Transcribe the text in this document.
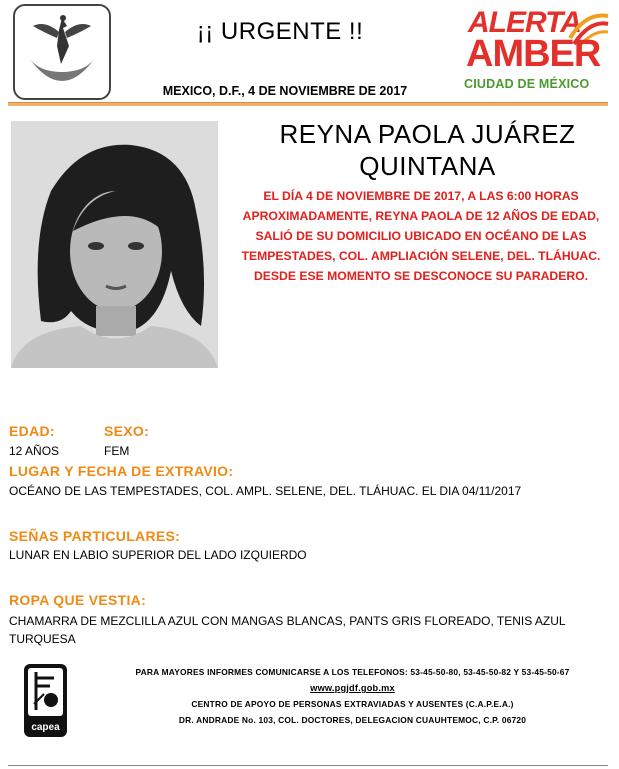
¡¡ URGENTE !!
MEXICO, D.F., 4 DE NOVIEMBRE DE 2017
ALERTA
AMBER
CIUDAD DE MÉXICO
REYNA PAOLA JUÁREZ QUINTANA
EL DÍA 4 DE NOVIEMBRE DE 2017, A LAS 6:00 HORAS APROXIMADAMENTE, REYNA PAOLA DE 12 AÑOS DE EDAD, SALIÓ DE SU DOMICILIO UBICADO EN OCÉANO DE LAS TEMPESTADES, COL. AMPLIACIÓN SELENE, DEL. TLÁHUAC. DESDE ESE MOMENTO SE DESCONOCE SU PARADERO.
EDAD:	SEXO:
12 AÑOS	FEM
LUGAR Y FECHA DE EXTRAVIO:
OCÉANO DE LAS TEMPESTADES, COL. AMPL. SELENE, DEL. TLÁHUAC. EL DIA 04/11/2017
SEÑAS PARTICULARES:
LUNAR EN LABIO SUPERIOR DEL LADO IZQUIERDO
ROPA QUE VESTIA:
CHAMARRA DE MEZCLILLA AZUL CON MANGAS BLANCAS, PANTS GRIS FLOREADO, TENIS AZUL TURQUESA
capea
PARA MAYORES INFORMES COMUNICARSE A LOS TELEFONOS: 53-45-50-80, 53-45-50-82 Y 53-45-50-67
www.pgjdf.gob.mx
CENTRO DE APOYO DE PERSONAS EXTRAVIADAS Y AUSENTES (C.A.P.E.A.)
DR. ANDRADE No. 103, COL. DOCTORES, DELEGACION CUAUHTEMOC, C.P. 06720
